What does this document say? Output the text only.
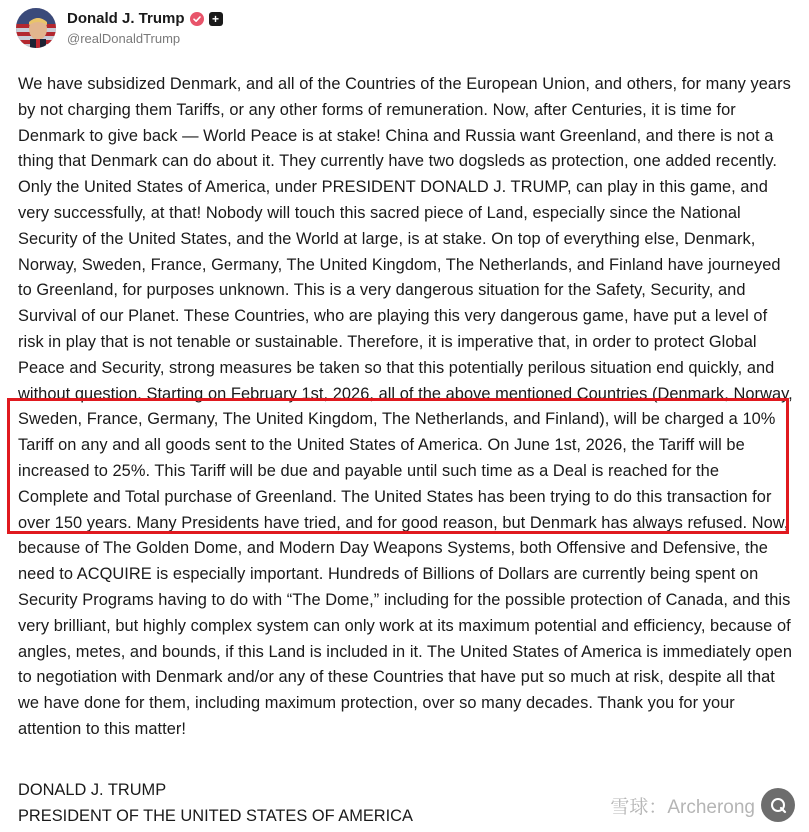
Donald J. Trump +
@realDonaldTrump

We have subsidized Denmark, and all of the Countries of the European Union, and others, for many years by not charging them Tariffs, or any other forms of remuneration. Now, after Centuries, it is time for Denmark to give back — World Peace is at stake! China and Russia want Greenland, and there is not a thing that Denmark can do about it. They currently have two dogsleds as protection, one added recently. Only the United States of America, under PRESIDENT DONALD J. TRUMP, can play in this game, and very successfully, at that! Nobody will touch this sacred piece of Land, especially since the National Security of the United States, and the World at large, is at stake. On top of everything else, Denmark, Norway, Sweden, France, Germany, The United Kingdom, The Netherlands, and Finland have journeyed to Greenland, for purposes unknown. This is a very dangerous situation for the Safety, Security, and Survival of our Planet. These Countries, who are playing this very dangerous game, have put a level of risk in play that is not tenable or sustainable. Therefore, it is imperative that, in order to protect Global Peace and Security, strong measures be taken so that this potentially perilous situation end quickly, and without question. Starting on February 1st, 2026, all of the above mentioned Countries (Denmark, Norway, Sweden, France, Germany, The United Kingdom, The Netherlands, and Finland), will be charged a 10% Tariff on any and all goods sent to the United States of America. On June 1st, 2026, the Tariff will be increased to 25%. This Tariff will be due and payable until such time as a Deal is reached for the Complete and Total purchase of Greenland. The United States has been trying to do this transaction for over 150 years. Many Presidents have tried, and for good reason, but Denmark has always refused. Now, because of The Golden Dome, and Modern Day Weapons Systems, both Offensive and Defensive, the need to ACQUIRE is especially important. Hundreds of Billions of Dollars are currently being spent on Security Programs having to do with “The Dome,” including for the possible protection of Canada, and this very brilliant, but highly complex system can only work at its maximum potential and efficiency, because of angles, metes, and bounds, if this Land is included in it. The United States of America is immediately open to negotiation with Denmark and/or any of these Countries that have put so much at risk, despite all that we have done for them, including maximum protection, over so many decades. Thank you for your attention to this matter!

DONALD J. TRUMP
PRESIDENT OF THE UNITED STATES OF AMERICA	雪球：Archerong
